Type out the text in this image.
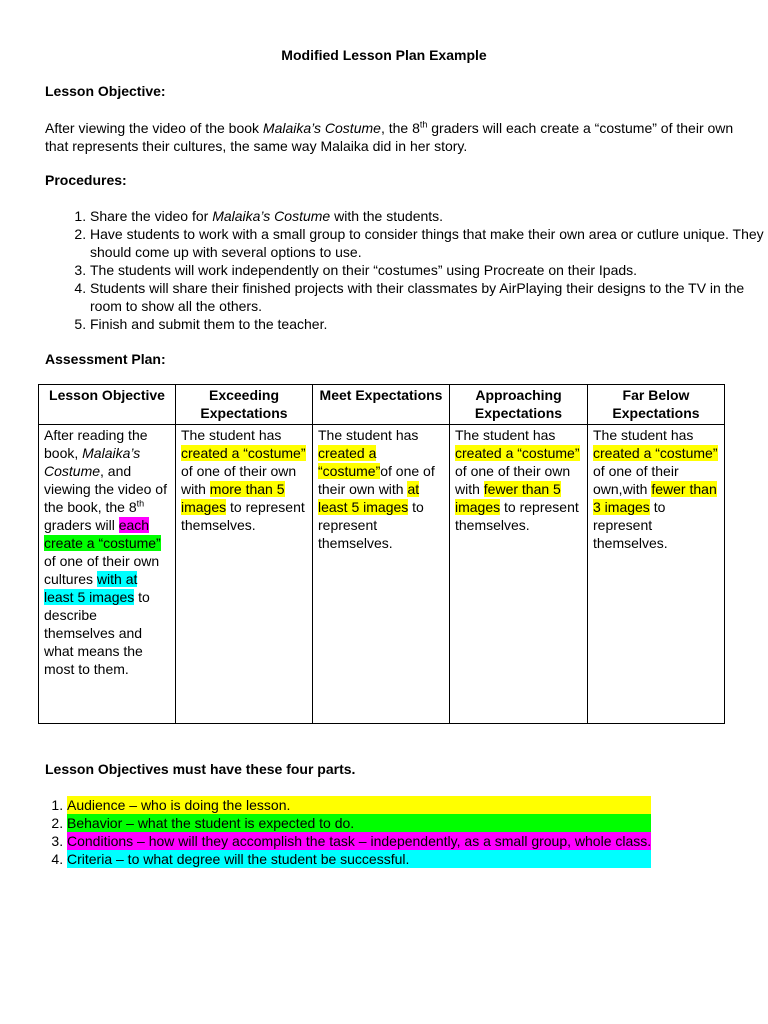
Modified Lesson Plan Example
Lesson Objective:
After viewing the video of the book Malaika’s Costume, the 8th graders will each create a “costume” of their own that represents their cultures, the same way Malaika did in her story.
Procedures:
1. Share the video for Malaika’s Costume with the students.
2. Have students to work with a small group to consider things that make their own area or cutlure unique. They should come up with several options to use.
3. The students will work independently on their “costumes” using Procreate on their Ipads.
4. Students will share their finished projects with their classmates by AirPlaying their designs to the TV in the room to show all the others.
5. Finish and submit them to the teacher.
Assessment Plan:
Lesson Objective	Exceeding Expectations	Meet Expectations	Approaching Expectations	Far Below Expectations
After reading the book, Malaika’s Costume, and viewing the video of the book, the 8th graders will each create a “costume” of one of their own cultures with at least 5 images to describe themselves and what means the most to them.	The student has created a “costume” of one of their own with more than 5 images to represent themselves.	The student has created a “costume”of one of their own with at least 5 images to represent themselves.	The student has created a “costume” of one of their own with fewer than 5 images to represent themselves.	The student has created a “costume” of one of their own,with fewer than 3 images to represent themselves.
Lesson Objectives must have these four parts.
1. Audience – who is doing the lesson.
2. Behavior – what the student is expected to do.
3. Conditions – how will they accomplish the task – independently, as a small group, whole class.
4. Criteria – to what degree will the student be successful.
